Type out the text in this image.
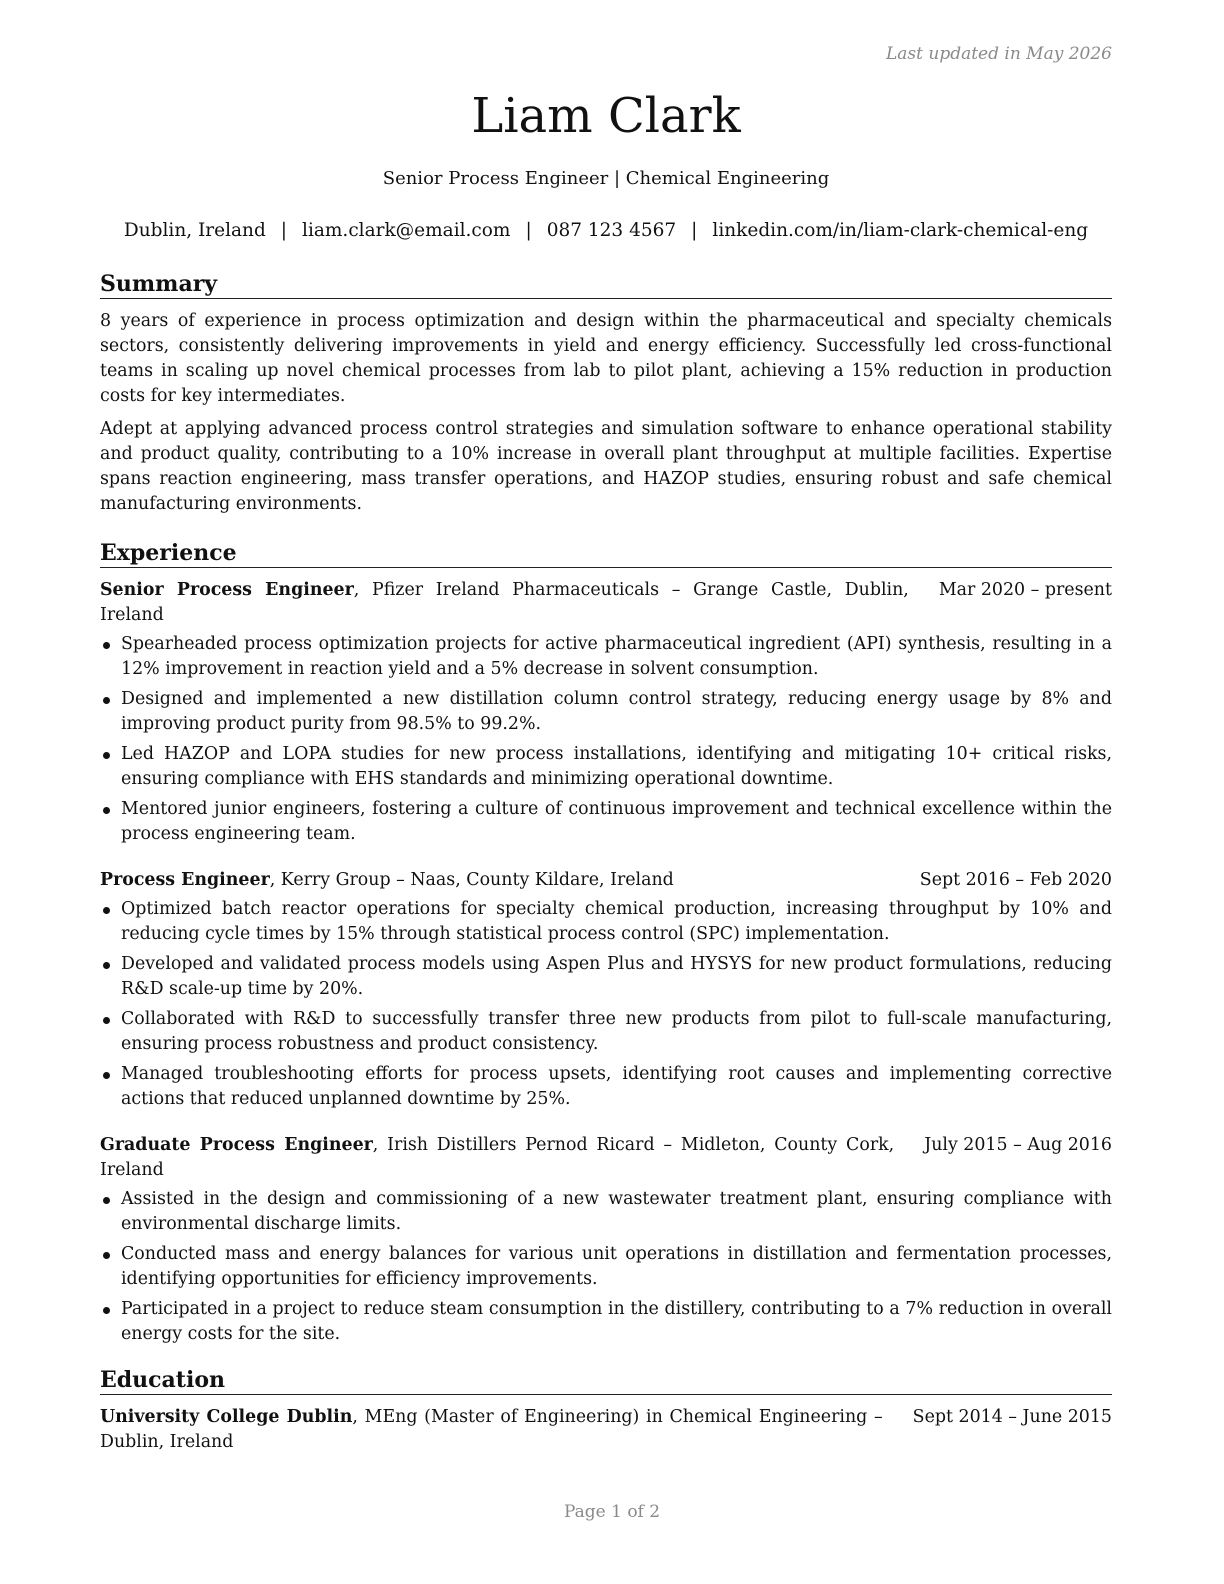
Last updated in May 2026
Liam Clark
Senior Process Engineer | Chemical Engineering
Dublin, Ireland | liam.clark@email.com | 087 123 4567 | linkedin.com/in/liam-clark-chemical-eng
Summary

8 years of experience in process optimization and design within the pharmaceutical and specialty chemicals sectors, consistently delivering improvements in yield and energy efficiency. Successfully led cross-functional teams in scaling up novel chemical processes from lab to pilot plant, achieving a 15% reduction in production costs for key intermediates.

Adept at applying advanced process control strategies and simulation software to enhance operational stability and product quality, contributing to a 10% increase in overall plant throughput at multiple facilities. Expertise spans reaction engineering, mass transfer operations, and HAZOP studies, ensuring robust and safe chemical manufacturing environments.

Experience
Senior Process Engineer, Pfizer Ireland Pharmaceuticals – Grange Castle, Dublin, Ireland
Mar 2020 – present
Spearheaded process optimization projects for active pharmaceutical ingredient (API) synthesis, resulting in a 12% improvement in reaction yield and a 5% decrease in solvent consumption.
Designed and implemented a new distillation column control strategy, reducing energy usage by 8% and improving product purity from 98.5% to 99.2%.
Led HAZOP and LOPA studies for new process installations, identifying and mitigating 10+ critical risks, ensuring compliance with EHS standards and minimizing operational downtime.
Mentored junior engineers, fostering a culture of continuous improvement and technical excellence within the process engineering team.
Process Engineer, Kerry Group – Naas, County Kildare, Ireland	Sept 2016 – Feb 2020
Optimized batch reactor operations for specialty chemical production, increasing throughput by 10% and reducing cycle times by 15% through statistical process control (SPC) implementation.
Developed and validated process models using Aspen Plus and HYSYS for new product formulations, reducing R&D scale-up time by 20%.
Collaborated with R&D to successfully transfer three new products from pilot to full-scale manufacturing, ensuring process robustness and product consistency.
Managed troubleshooting efforts for process upsets, identifying root causes and implementing corrective actions that reduced unplanned downtime by 25%.
Graduate Process Engineer, Irish Distillers Pernod Ricard – Midleton, County Cork, Ireland
July 2015 – Aug 2016
Assisted in the design and commissioning of a new wastewater treatment plant, ensuring compliance with environmental discharge limits.
Conducted mass and energy balances for various unit operations in distillation and fermentation processes, identifying opportunities for efficiency improvements.
Participated in a project to reduce steam consumption in the distillery, contributing to a 7% reduction in overall energy costs for the site.
Education
University College Dublin, MEng (Master of Engineering) in Chemical Engineering – Dublin, Ireland
Sept 2014 – June 2015
Page 1 of 2
